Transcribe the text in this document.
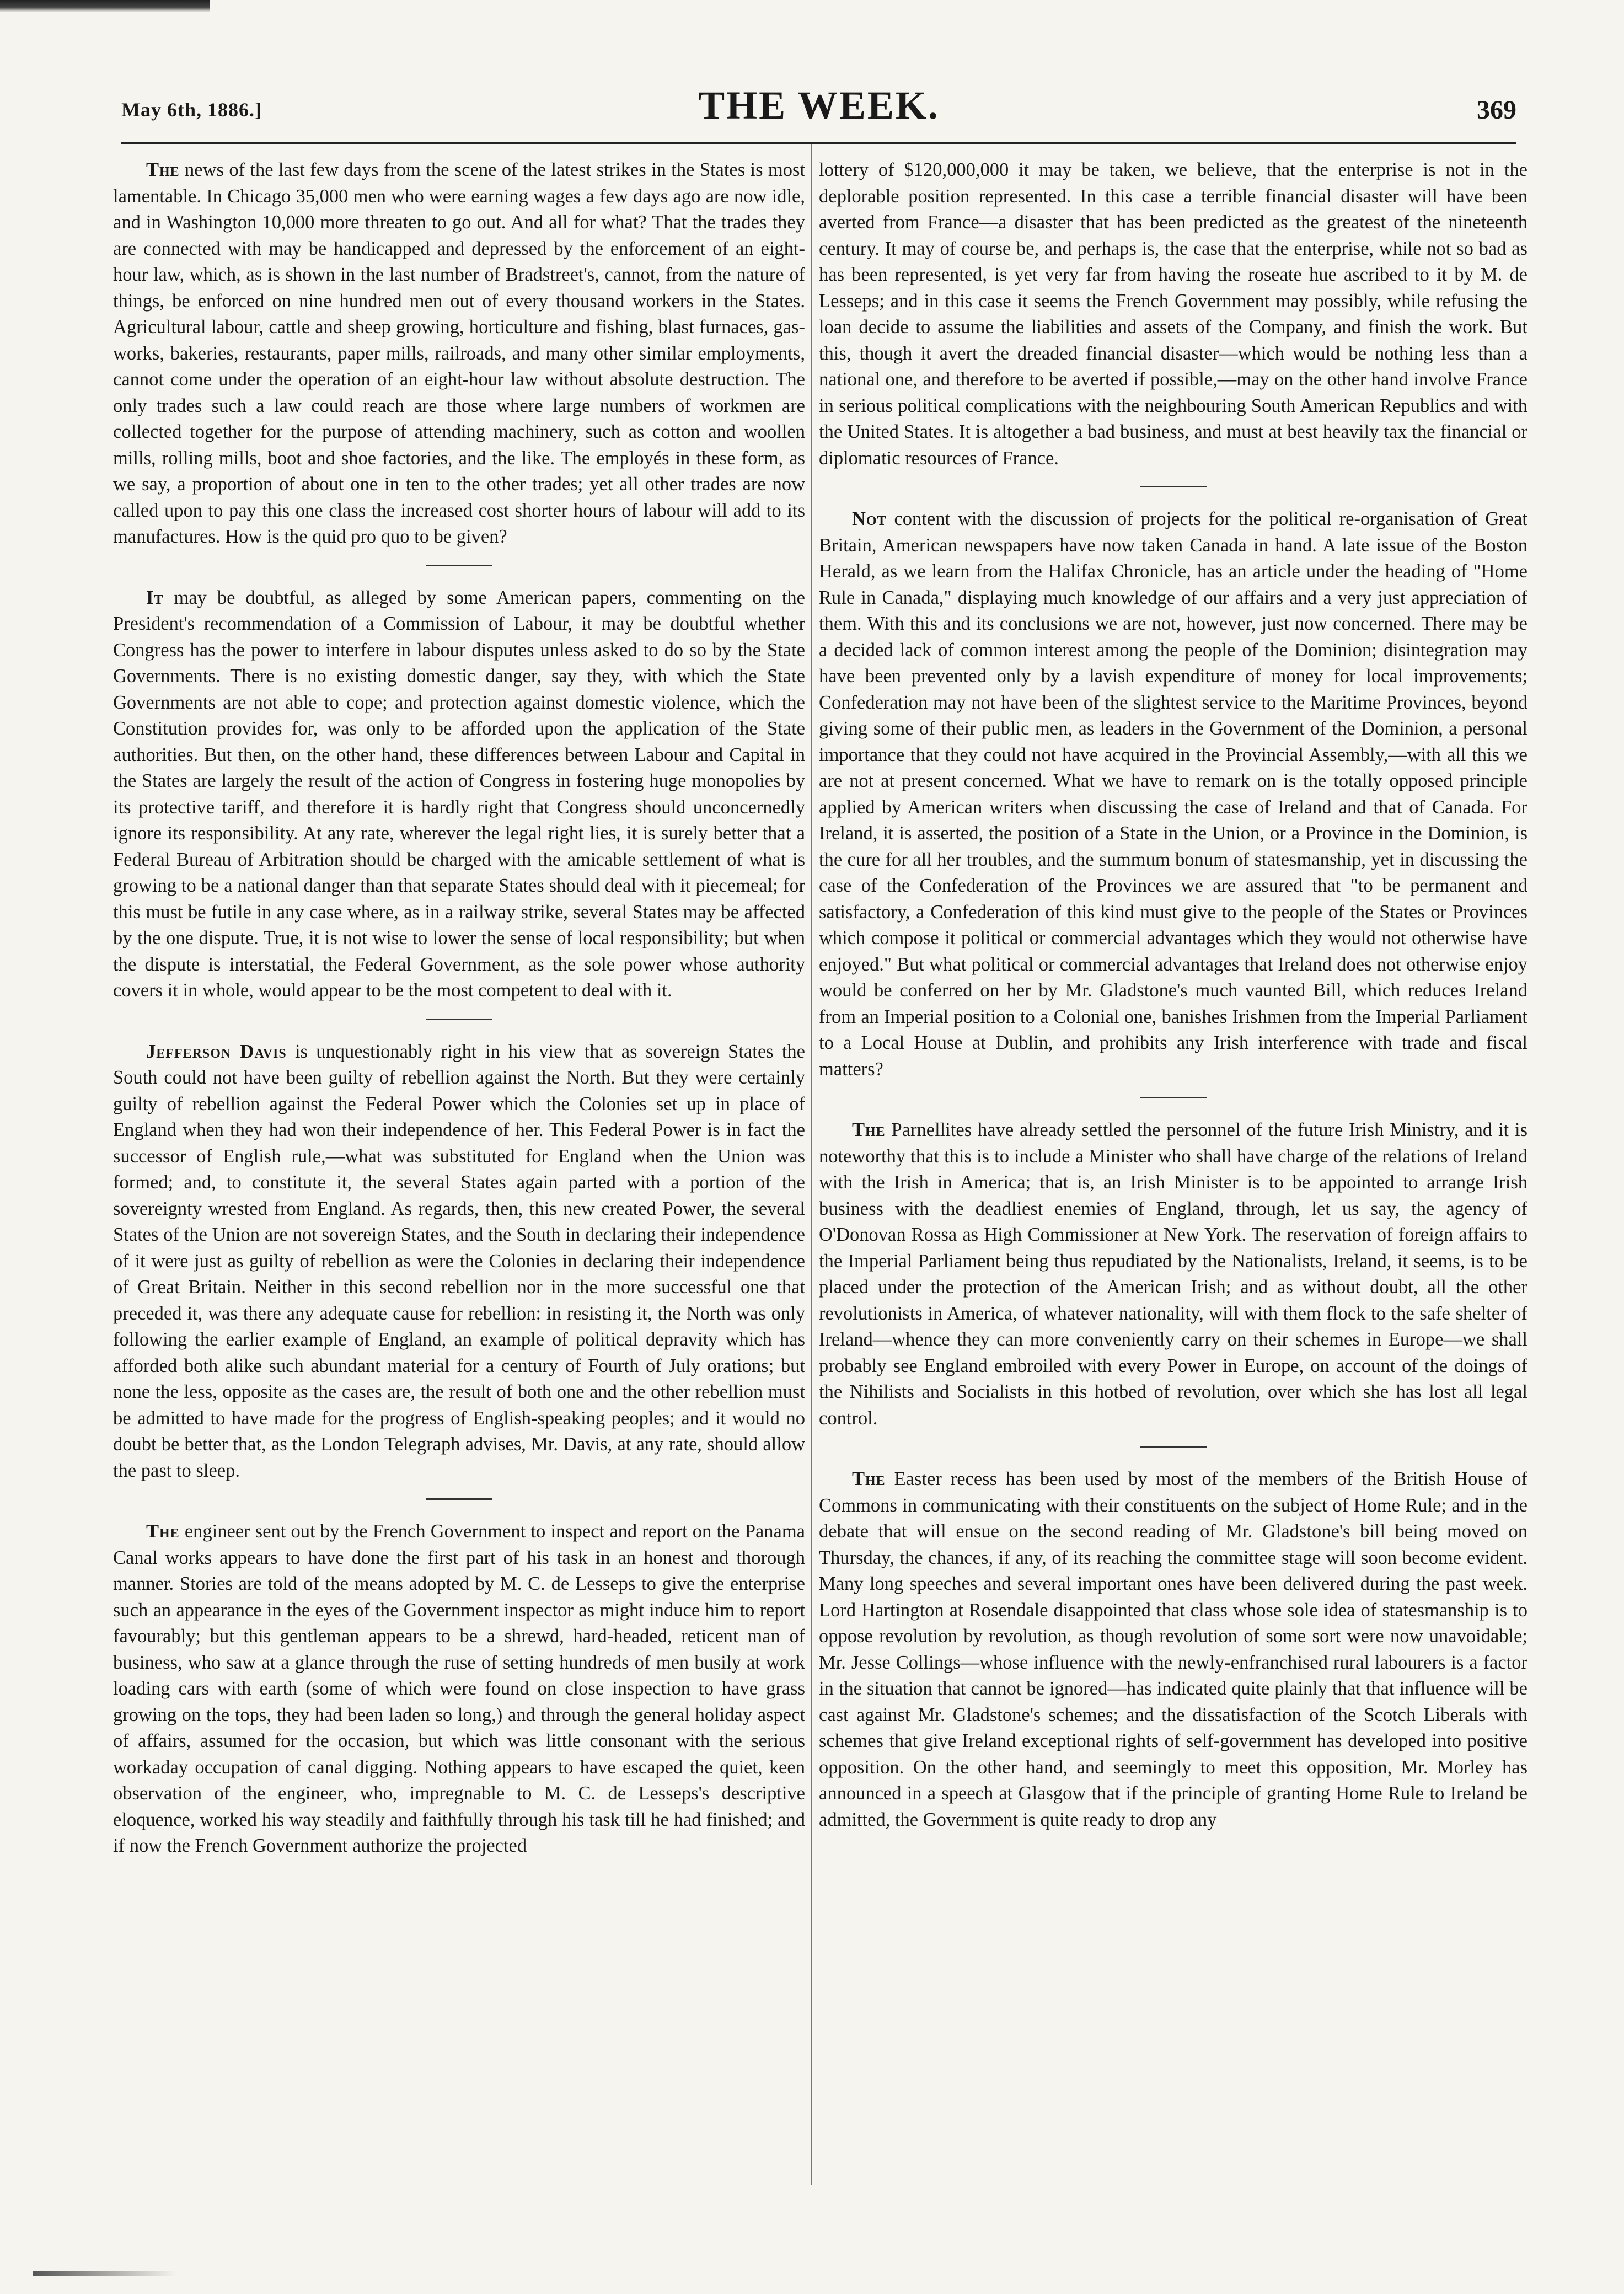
May 6th, 1886.]	THE WEEK.	369

The news of the last few days from the scene of the latest strikes in the States is most lamentable. In Chicago 35,000 men who were earning wages a few days ago are now idle, and in Washington 10,000 more threaten to go out. And all for what? That the trades they are connected with may be handicapped and depressed by the enforcement of an eight-hour law, which, as is shown in the last number of Bradstreet's, cannot, from the nature of things, be enforced on nine hundred men out of every thousand workers in the States. Agricultural labour, cattle and sheep growing, horticulture and fishing, blast furnaces, gas-works, bakeries, restaurants, paper mills, railroads, and many other similar employments, cannot come under the operation of an eight-hour law without absolute destruction. The only trades such a law could reach are those where large numbers of workmen are collected together for the purpose of attending machinery, such as cotton and woollen mills, rolling mills, boot and shoe factories, and the like. The employés in these form, as we say, a proportion of about one in ten to the other trades; yet all other trades are now called upon to pay this one class the increased cost shorter hours of labour will add to its manufactures. How is the quid pro quo to be given?

It may be doubtful, as alleged by some American papers, commenting on the President's recommendation of a Commission of Labour, it may be doubtful whether Congress has the power to interfere in labour disputes unless asked to do so by the State Governments. There is no existing domestic danger, say they, with which the State Governments are not able to cope; and protection against domestic violence, which the Constitution provides for, was only to be afforded upon the application of the State authorities. But then, on the other hand, these differences between Labour and Capital in the States are largely the result of the action of Congress in fostering huge monopolies by its protective tariff, and therefore it is hardly right that Congress should unconcernedly ignore its responsibility. At any rate, wherever the legal right lies, it is surely better that a Federal Bureau of Arbitration should be charged with the amicable settlement of what is growing to be a national danger than that separate States should deal with it piecemeal; for this must be futile in any case where, as in a railway strike, several States may be affected by the one dispute. True, it is not wise to lower the sense of local responsibility; but when the dispute is interstatial, the Federal Government, as the sole power whose authority covers it in whole, would appear to be the most competent to deal with it.

Jefferson Davis is unquestionably right in his view that as sovereign States the South could not have been guilty of rebellion against the North. But they were certainly guilty of rebellion against the Federal Power which the Colonies set up in place of England when they had won their independence of her. This Federal Power is in fact the successor of English rule,—what was substituted for England when the Union was formed; and, to constitute it, the several States again parted with a portion of the sovereignty wrested from England. As regards, then, this new created Power, the several States of the Union are not sovereign States, and the South in declaring their independence of it were just as guilty of rebellion as were the Colonies in declaring their independence of Great Britain. Neither in this second rebellion nor in the more successful one that preceded it, was there any adequate cause for rebellion: in resisting it, the North was only following the earlier example of England, an example of political depravity which has afforded both alike such abundant material for a century of Fourth of July orations; but none the less, opposite as the cases are, the result of both one and the other rebellion must be admitted to have made for the progress of English-speaking peoples; and it would no doubt be better that, as the London Telegraph advises, Mr. Davis, at any rate, should allow the past to sleep.

The engineer sent out by the French Government to inspect and report on the Panama Canal works appears to have done the first part of his task in an honest and thorough manner. Stories are told of the means adopted by M. C. de Lesseps to give the enterprise such an appearance in the eyes of the Government inspector as might induce him to report favourably; but this gentleman appears to be a shrewd, hard-headed, reticent man of business, who saw at a glance through the ruse of setting hundreds of men busily at work loading cars with earth (some of which were found on close inspection to have grass growing on the tops, they had been laden so long,) and through the general holiday aspect of affairs, assumed for the occasion, but which was little consonant with the serious workaday occupation of canal digging. Nothing appears to have escaped the quiet, keen observation of the engineer, who, impregnable to M. C. de Lesseps's descriptive eloquence, worked his way steadily and faithfully through his task till he had finished; and if now the French Government authorize the projected

lottery of $120,000,000 it may be taken, we believe, that the enterprise is not in the deplorable position represented. In this case a terrible financial disaster will have been averted from France—a disaster that has been predicted as the greatest of the nineteenth century. It may of course be, and perhaps is, the case that the enterprise, while not so bad as has been represented, is yet very far from having the roseate hue ascribed to it by M. de Lesseps; and in this case it seems the French Government may possibly, while refusing the loan decide to assume the liabilities and assets of the Company, and finish the work. But this, though it avert the dreaded financial disaster—which would be nothing less than a national one, and therefore to be averted if possible,—may on the other hand involve France in serious political complications with the neighbouring South American Republics and with the United States. It is altogether a bad business, and must at best heavily tax the financial or diplomatic resources of France.

Not content with the discussion of projects for the political re-organisation of Great Britain, American newspapers have now taken Canada in hand. A late issue of the Boston Herald, as we learn from the Halifax Chronicle, has an article under the heading of "Home Rule in Canada," displaying much knowledge of our affairs and a very just appreciation of them. With this and its conclusions we are not, however, just now concerned. There may be a decided lack of common interest among the people of the Dominion; disintegration may have been prevented only by a lavish expenditure of money for local improvements; Confederation may not have been of the slightest service to the Maritime Provinces, beyond giving some of their public men, as leaders in the Government of the Dominion, a personal importance that they could not have acquired in the Provincial Assembly,—with all this we are not at present concerned. What we have to remark on is the totally opposed principle applied by American writers when discussing the case of Ireland and that of Canada. For Ireland, it is asserted, the position of a State in the Union, or a Province in the Dominion, is the cure for all her troubles, and the summum bonum of statesmanship, yet in discussing the case of the Confederation of the Provinces we are assured that "to be permanent and satisfactory, a Confederation of this kind must give to the people of the States or Provinces which compose it political or commercial advantages which they would not otherwise have enjoyed." But what political or commercial advantages that Ireland does not otherwise enjoy would be conferred on her by Mr. Gladstone's much vaunted Bill, which reduces Ireland from an Imperial position to a Colonial one, banishes Irishmen from the Imperial Parliament to a Local House at Dublin, and prohibits any Irish interference with trade and fiscal matters?

The Parnellites have already settled the personnel of the future Irish Ministry, and it is noteworthy that this is to include a Minister who shall have charge of the relations of Ireland with the Irish in America; that is, an Irish Minister is to be appointed to arrange Irish business with the deadliest enemies of England, through, let us say, the agency of O'Donovan Rossa as High Commissioner at New York. The reservation of foreign affairs to the Imperial Parliament being thus repudiated by the Nationalists, Ireland, it seems, is to be placed under the protection of the American Irish; and as without doubt, all the other revolutionists in America, of whatever nationality, will with them flock to the safe shelter of Ireland—whence they can more conveniently carry on their schemes in Europe—we shall probably see England embroiled with every Power in Europe, on account of the doings of the Nihilists and Socialists in this hotbed of revolution, over which she has lost all legal control.

The Easter recess has been used by most of the members of the British House of Commons in communicating with their constituents on the subject of Home Rule; and in the debate that will ensue on the second reading of Mr. Gladstone's bill being moved on Thursday, the chances, if any, of its reaching the committee stage will soon become evident. Many long speeches and several important ones have been delivered during the past week. Lord Hartington at Rosendale disappointed that class whose sole idea of statesmanship is to oppose revolution by revolution, as though revolution of some sort were now unavoidable; Mr. Jesse Collings—whose influence with the newly-enfranchised rural labourers is a factor in the situation that cannot be ignored—has indicated quite plainly that that influence will be cast against Mr. Gladstone's schemes; and the dissatisfaction of the Scotch Liberals with schemes that give Ireland exceptional rights of self-government has developed into positive opposition. On the other hand, and seemingly to meet this opposition, Mr. Morley has announced in a speech at Glasgow that if the principle of granting Home Rule to Ireland be admitted, the Government is quite ready to drop any
